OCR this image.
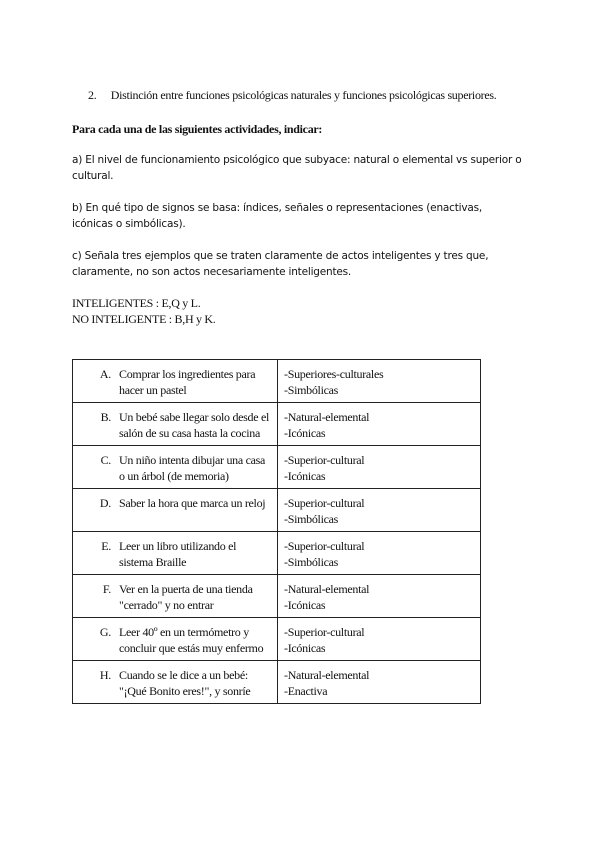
2. Distinción entre funciones psicológicas naturales y funciones psicológicas superiores.

Para cada una de las siguientes actividades, indicar:

a) El nivel de funcionamiento psicológico que subyace: natural o elemental vs superior o cultural.

b) En qué tipo de signos se basa: índices, señales o representaciones (enactivas, icónicas o simbólicas).

c) Señala tres ejemplos que se traten claramente de actos inteligentes y tres que, claramente, no son actos necesariamente inteligentes.

INTELIGENTES : E,Q y L.

NO INTELIGENTE : B,H y K.

A. Comprar los ingredientes para hacer un pastel	-Superiores-culturales
-Simbólicas

B. Un bebé sabe llegar solo desde el salón de su casa hasta la cocina	-Natural-elemental
-Icónicas

C. Un niño intenta dibujar una casa o un árbol (de memoria)	-Superior-cultural
-Icónicas

D. Saber la hora que marca un reloj	-Superior-cultural
-Simbólicas

E. Leer un libro utilizando el sistema Braille	-Superior-cultural
-Simbólicas

F. Ver en la puerta de una tienda "cerrado" y no entrar	-Natural-elemental
-Icónicas

G. Leer 40º en un termómetro y concluir que estás muy enfermo	-Superior-cultural
-Icónicas

H. Cuando se le dice a un bebé: "¡Qué Bonito eres!", y sonríe	-Natural-elemental
-Enactiva
